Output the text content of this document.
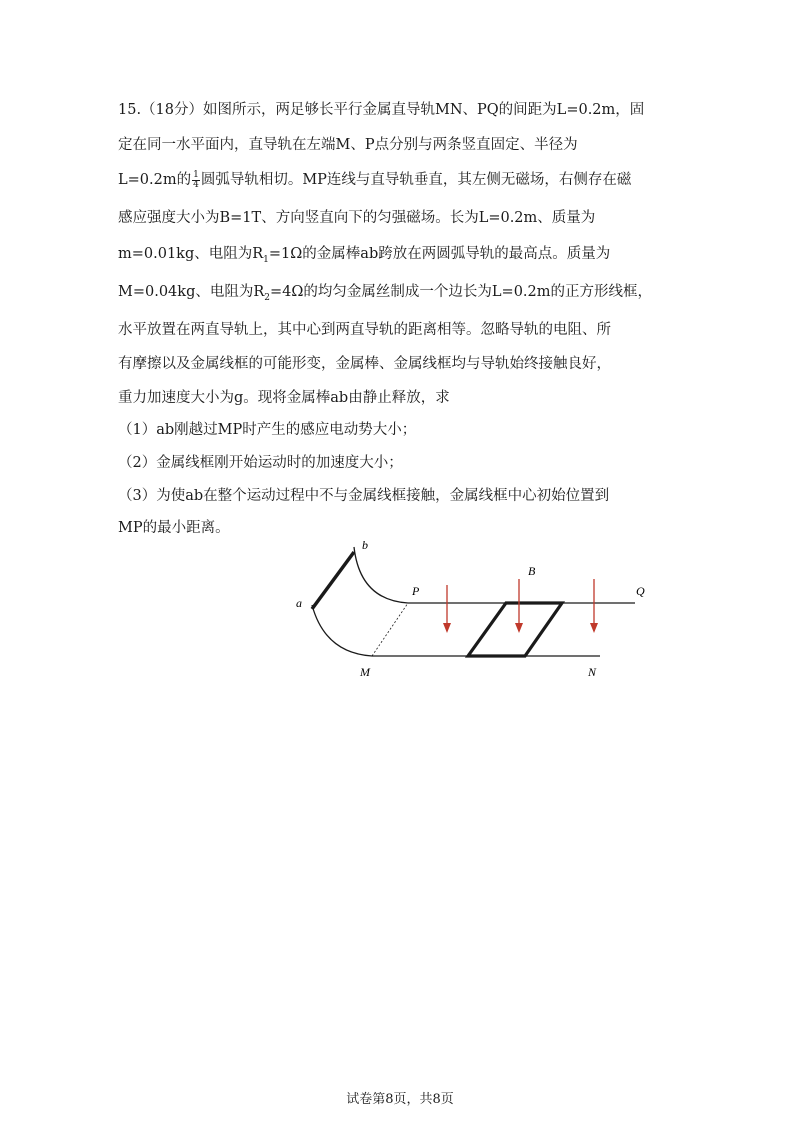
15.（18分）如图所示，两足够长平行金属直导轨MN、PQ的间距为L=0.2m，固
定在同一水平面内，直导轨在左端M、P点分别与两条竖直固定、半径为
L=0.2m的 $\frac{1}{4}$ 圆弧导轨相切。MP连线与直导轨垂直，其左侧无磁场，右侧存在磁
感应强度大小为B=1T、方向竖直向下的匀强磁场。长为L=0.2m、质量为
m=0.01kg、电阻为$R_1=1\Omega$的金属棒ab跨放在两圆弧导轨的最高点。质量为
M=0.04kg、电阻为$R_2=4\Omega$的均匀金属丝制成一个边长为L=0.2m的正方形线框，
水平放置在两直导轨上，其中心到两直导轨的距离相等。忽略导轨的电阻、所
有摩擦以及金属线框的可能形变，金属棒、金属线框均与导轨始终接触良好，
重力加速度大小为g。现将金属棒ab由静止释放，求
（1）ab刚越过MP时产生的感应电动势大小；
（2）金属线框刚开始运动时的加速度大小；
（3）为使ab在整个运动过程中不与金属线框接触，金属线框中心初始位置到
MP的最小距离。
b
a
P
B
Q
M	N
试卷第8页，共8页
